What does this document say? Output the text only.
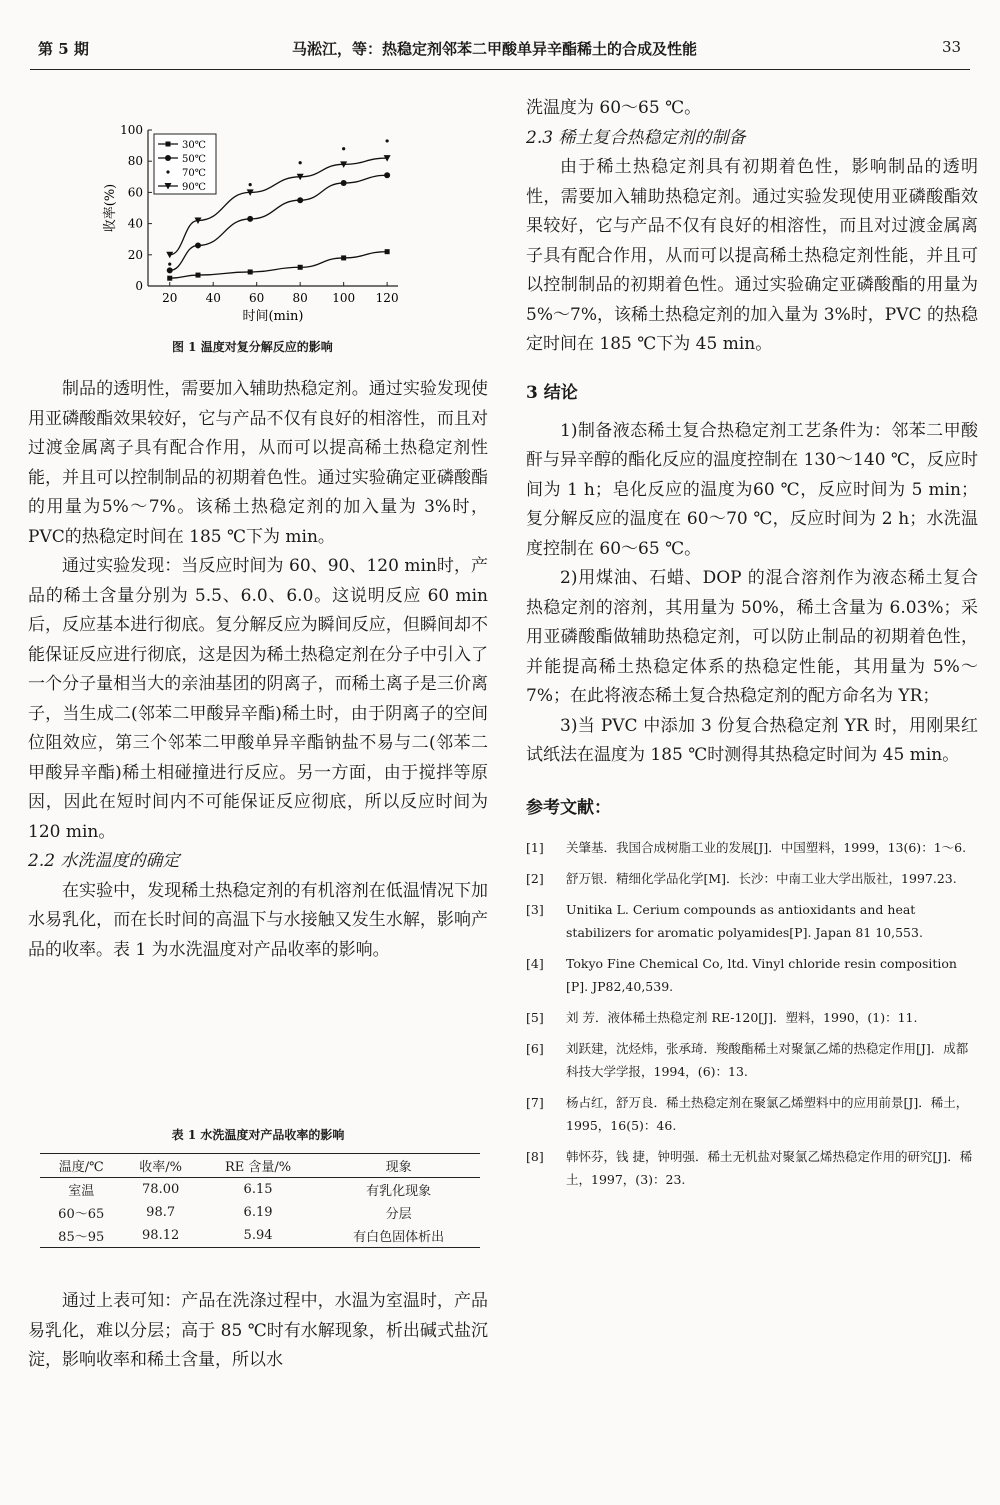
第 5 期	马淞江，等：热稳定剂邻苯二甲酸单异辛酯稀土的合成及性能	33
0
20
40
60
80
100
20 40 60 80 100 120
时间(min)
收率(%)
30℃
50℃
70℃
90℃
图 1 温度对复分解反应的影响

制品的透明性，需要加入辅助热稳定剂。通过实验发现使用亚磷酸酯效果较好，它与产品不仅有良好的相溶性，而且对过渡金属离子具有配合作用，从而可以提高稀土热稳定剂性能，并且可以控制制品的初期着色性。通过实验确定亚磷酸酯的用量为5%～7%。该稀土热稳定剂的加入量为 3%时，PVC的热稳定时间在 185 ℃下为 min。

通过实验发现：当反应时间为 60、90、120 min时，产品的稀土含量分别为 5.5、6.0、6.0。这说明反应 60 min 后，反应基本进行彻底。复分解反应为瞬间反应，但瞬间却不能保证反应进行彻底，这是因为稀土热稳定剂在分子中引入了一个分子量相当大的亲油基团的阴离子，而稀土离子是三价离子，当生成二(邻苯二甲酸异辛酯)稀土时，由于阴离子的空间位阻效应，第三个邻苯二甲酸单异辛酯钠盐不易与二(邻苯二甲酸异辛酯)稀土相碰撞进行反应。另一方面，由于搅拌等原因，因此在短时间内不可能保证反应彻底，所以反应时间为 120 min。

2.2 水洗温度的确定

在实验中，发现稀土热稳定剂的有机溶剂在低温情况下加水易乳化，而在长时间的高温下与水接触又发生水解，影响产品的收率。表 1 为水洗温度对产品收率的影响。

表 1 水洗温度对产品收率的影响
温度/℃	收率/%	RE 含量/%	现象
室温	78.00	6.15	有乳化现象
60～65	98.7	6.19	分层
85～95	98.12	5.94	有白色固体析出

通过上表可知：产品在洗涤过程中，水温为室温时，产品易乳化，难以分层；高于 85 ℃时有水解现象，析出碱式盐沉淀，影响收率和稀土含量，所以水

洗温度为 60～65 ℃。

2.3 稀土复合热稳定剂的制备

由于稀土热稳定剂具有初期着色性，影响制品的透明性，需要加入辅助热稳定剂。通过实验发现使用亚磷酸酯效果较好，它与产品不仅有良好的相溶性，而且对过渡金属离子具有配合作用，从而可以提高稀土热稳定剂性能，并且可以控制制品的初期着色性。通过实验确定亚磷酸酯的用量为 5%～7%，该稀土热稳定剂的加入量为 3%时，PVC 的热稳定时间在 185 ℃下为 45 min。

3 结论

1)制备液态稀土复合热稳定剂工艺条件为：邻苯二甲酸酐与异辛醇的酯化反应的温度控制在 130～140 ℃，反应时间为 1 h；皂化反应的温度为60 ℃，反应时间为 5 min；复分解反应的温度在 60～70 ℃，反应时间为 2 h；水洗温度控制在 60～65 ℃。

2)用煤油、石蜡、DOP 的混合溶剂作为液态稀土复合热稳定剂的溶剂，其用量为 50%，稀土含量为 6.03%；采用亚磷酸酯做辅助热稳定剂，可以防止制品的初期着色性，并能提高稀土热稳定体系的热稳定性能，其用量为 5%～7%；在此将液态稀土复合热稳定剂的配方命名为 YR；

3)当 PVC 中添加 3 份复合热稳定剂 YR 时，用刚果红试纸法在温度为 185 ℃时测得其热稳定时间为 45 min。

参考文献：

[1] 关肇基．我国合成树脂工业的发展[J]．中国塑料，1999，13(6)：1～6.
[2] 舒万银．精细化学品化学[M]．长沙：中南工业大学出版社，1997.23.
[3] Unitika L. Cerium compounds as antioxidants and heat stabilizers for aromatic polyamides[P]. Japan 81 10,553.
[4] Tokyo Fine Chemical Co, ltd. Vinyl chloride resin composition [P]. JP82,40,539.
[5] 刘 芳．液体稀土热稳定剂 RE-120[J]．塑料，1990，(1)：11.
[6] 刘跃建，沈烃炜，张承琦．羧酸酯稀土对聚氯乙烯的热稳定作用[J]．成都科技大学学报，1994，(6)：13.
[7] 杨占红，舒万良．稀土热稳定剂在聚氯乙烯塑料中的应用前景[J]．稀土，1995，16(5)：46.
[8] 韩怀芬，钱 捷，钟明强．稀土无机盐对聚氯乙烯热稳定作用的研究[J]．稀土，1997，(3)：23.
